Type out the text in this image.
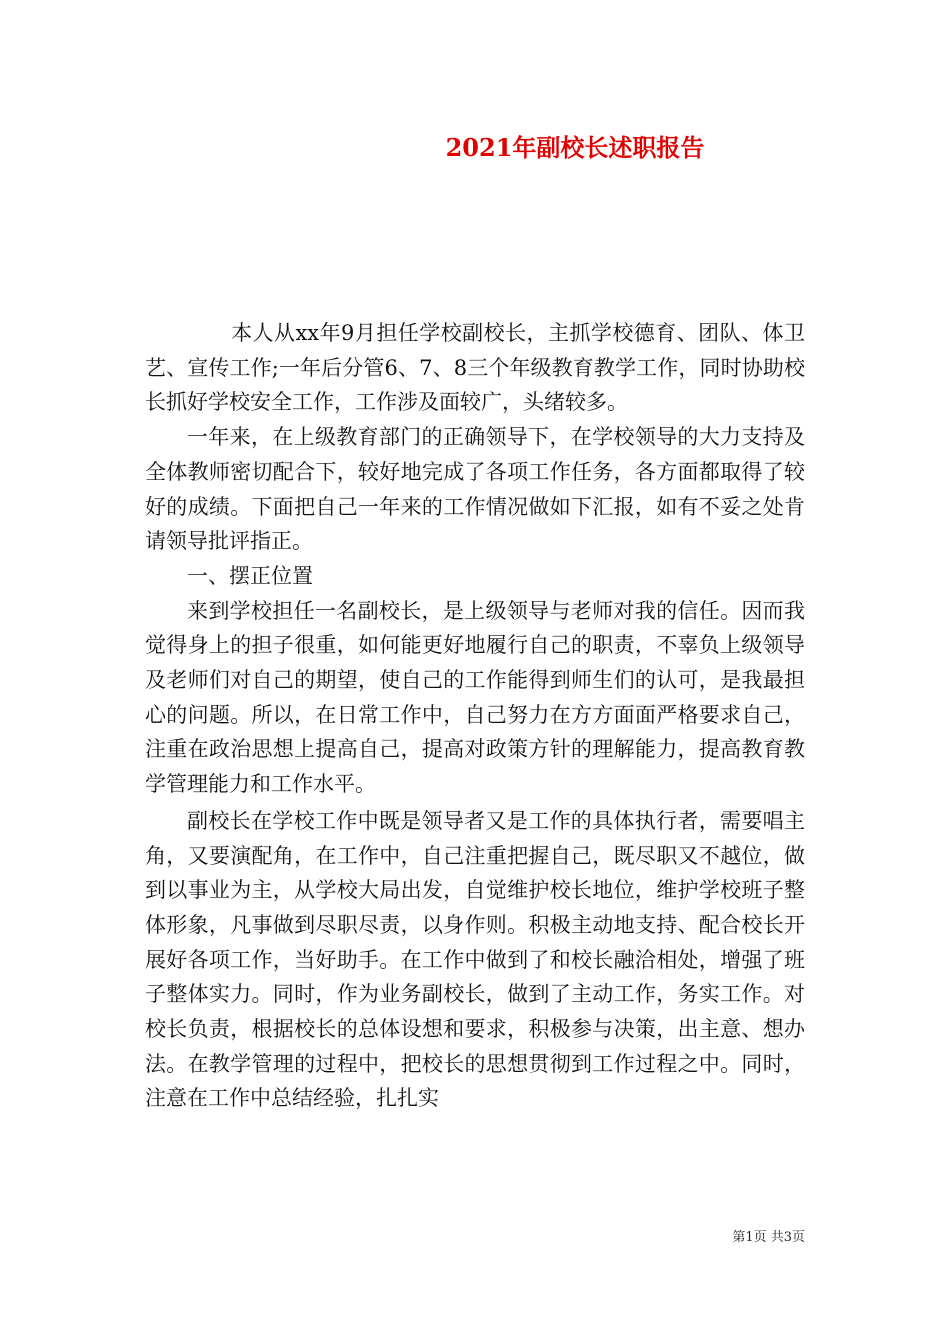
2021年副校长述职报告

本人从xx年9月担任学校副校长，主抓学校德育、团队、体卫艺、宣传工作;一年后分管6、7、8三个年级教育教学工作，同时协助校长抓好学校安全工作，工作涉及面较广，头绪较多。

一年来，在上级教育部门的正确领导下，在学校领导的大力支持及全体教师密切配合下，较好地完成了各项工作任务，各方面都取得了较好的成绩。下面把自己一年来的工作情况做如下汇报，如有不妥之处肯请领导批评指正。

一、摆正位置

来到学校担任一名副校长，是上级领导与老师对我的信任。因而我觉得身上的担子很重，如何能更好地履行自己的职责，不辜负上级领导及老师们对自己的期望，使自己的工作能得到师生们的认可，是我最担心的问题。所以，在日常工作中，自己努力在方方面面严格要求自己，注重在政治思想上提高自己，提高对政策方针的理解能力，提高教育教学管理能力和工作水平。

副校长在学校工作中既是领导者又是工作的具体执行者，需要唱主角，又要演配角，在工作中，自己注重把握自己，既尽职又不越位，做到以事业为主，从学校大局出发，自觉维护校长地位，维护学校班子整体形象，凡事做到尽职尽责，以身作则。积极主动地支持、配合校长开展好各项工作，当好助手。在工作中做到了和校长融洽相处，增强了班子整体实力。同时，作为业务副校长，做到了主动工作，务实工作。对校长负责，根据校长的总体设想和要求，积极参与决策，出主意、想办法。在教学管理的过程中，把校长的思想贯彻到工作过程之中。同时，注意在工作中总结经验，扎扎实

第1页 共3页
